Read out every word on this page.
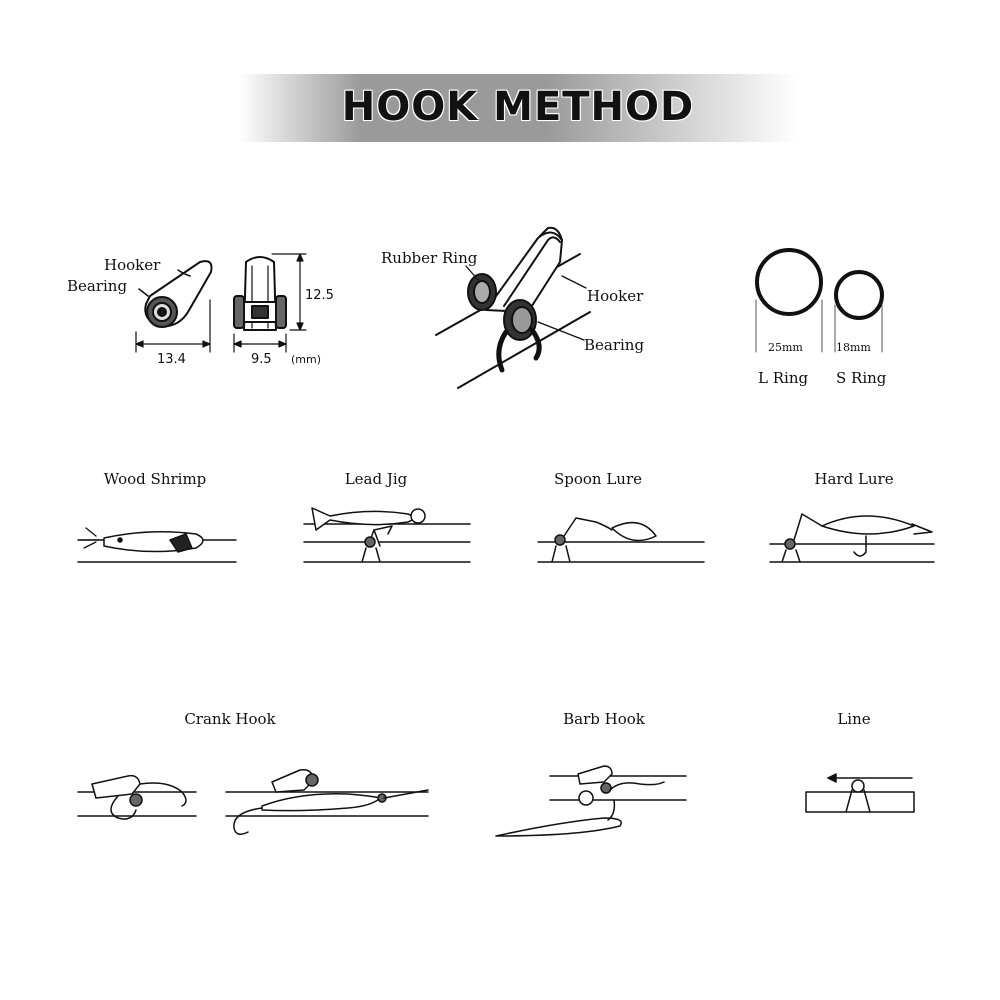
HOOK METHOD
Hooker
Bearing
13.4	9.5 (mm)
12.5
Rubber Ring
Hooker
Bearing	25mm	18mm
L Ring S Ring
Wood Shrimp	Lead Jig	Spoon Lure	Hard Lure
Crank Hook	Barb Hook	Line
